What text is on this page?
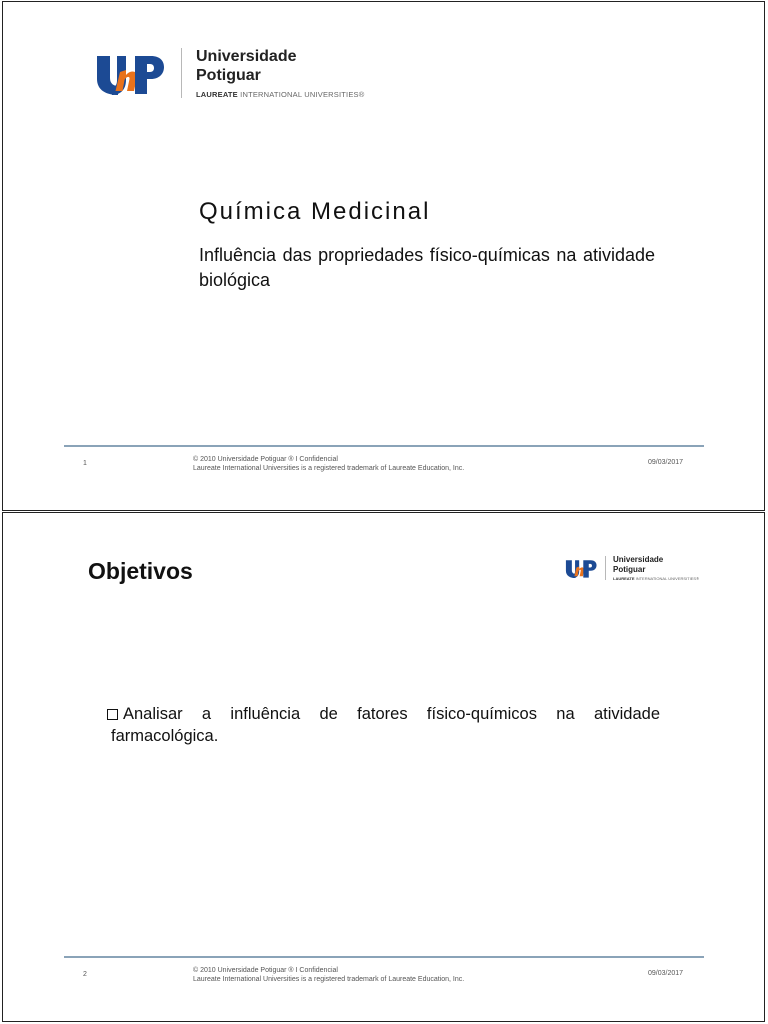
Universidade
Potiguar
LAUREATE INTERNATIONAL UNIVERSITIES®
Química Medicinal
Influência das propriedades físico-químicas na atividade biológica
1
© 2010 Universidade Potiguar ® I Confidencial
Laureate International Universities is a registered trademark of Laureate Education, Inc.
09/03/2017
Objetivos	Universidade
Potiguar
LAUREATE INTERNATIONAL UNIVERSITIES®
Analisar a influência de fatores físico-químicos na atividade
farmacológica.
2
© 2010 Universidade Potiguar ® I Confidencial
Laureate International Universities is a registered trademark of Laureate Education, Inc.
09/03/2017
